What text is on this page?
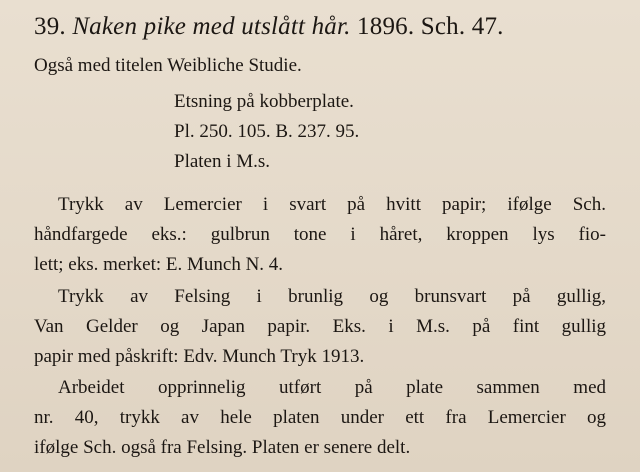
39. Naken pike med utslått hår. 1896. Sch. 47.
Også med titelen Weibliche Studie.
Etsning på kobberplate.
Pl. 250. 105. B. 237. 95.
Platen i M.s.
Trykk av Lemercier i svart på hvitt papir; ifølge Sch.
håndfargede eks.: gulbrun tone i håret, kroppen lys fio-
lett; eks. merket: E. Munch N. 4.
Trykk av Felsing i brunlig og brunsvart på gullig,
Van Gelder og Japan papir. Eks. i M.s. på fint gullig
papir med påskrift: Edv. Munch Tryk 1913.
Arbeidet opprinnelig utført på plate sammen med
nr. 40, trykk av hele platen under ett fra Lemercier og
ifølge Sch. også fra Felsing. Platen er senere delt.
